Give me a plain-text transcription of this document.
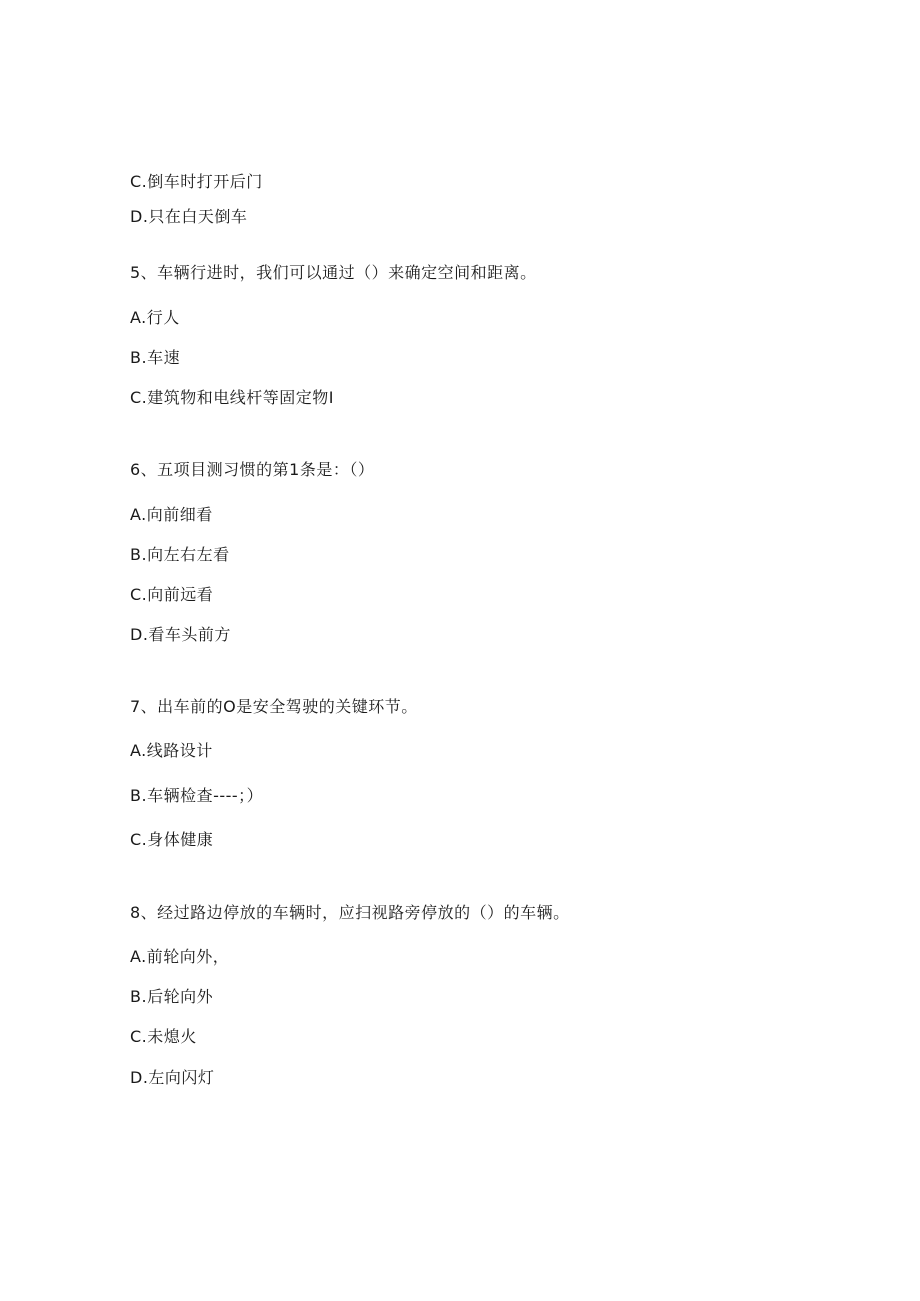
C.倒车时打开后门
D.只在白天倒车
5、车辆行进时，我们可以通过（）来确定空间和距离。
A.行人
B.车速
C.建筑物和电线杆等固定物I
6、五项目测习惯的第1条是：（）
A.向前细看
B.向左右左看
C.向前远看
D.看车头前方
7、出车前的O是安全驾驶的关键环节。
A.线路设计
B.车辆检查----；）
C.身体健康
8、经过路边停放的车辆时，应扫视路旁停放的（）的车辆。
A.前轮向外，
B.后轮向外
C.未熄火
D.左向闪灯
